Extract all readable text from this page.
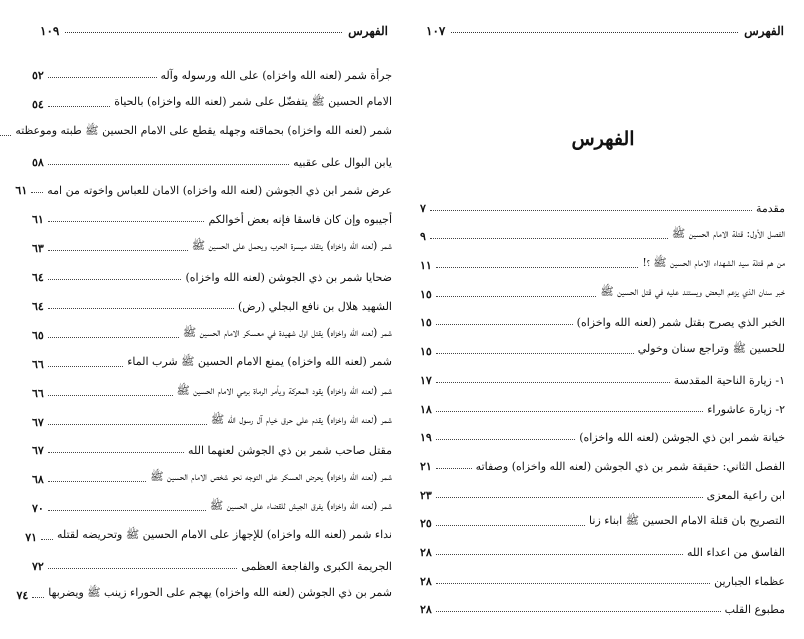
الفهرس
١٠٩
جرأة شمر (لعنه الله واخزاه) على الله ورسوله وآله
٥٢
الامام الحسين ﷺ يتفضّل على شمر (لعنه الله واخزاه) بالحياة
٥٤
شمر (لعنه الله واخزاه) بحماقته وجهله يقطع على الامام الحسين ﷺ طبته وموعظته
يابن البوال على عقبيه
٥٨
عرض شمر ابن ذي الجوشن (لعنه الله واخزاه) الامان للعباس واخوته من امه
٦١
أجيبوه وإن كان فاسقا فإنه بعض أخوالكم
٦١
شمر (لعنه الله واخزاه) يتقلد ميسرة الحرب ويحمل على الحسين ﷺ
٦٣
ضحايا شمر بن ذي الجوشن (لعنه الله واخزاه)
٦٤
الشهيد هلال بن نافع البجلي (رض)
٦٤
شمر (لعنه الله واخزاه) يقتل اول شهيدة في معسكر الامام الحسين ﷺ
٦٥
شمر (لعنه الله واخزاه) يمنع الامام الحسين ﷺ شرب الماء
٦٦
شمر (لعنه الله واخزاه) يقود المعركة ويأمر الرماة برمي الامام الحسين ﷺ
٦٦
شمر (لعنه الله واخزاه) يقدم على حرق خيام آل رسول الله ﷺ
٦٧
مقتل صاحب شمر بن ذي الجوشن لعنهما الله
٦٧
شمر (لعنه الله واخزاه) يحرض العسكر على التوجه نحو شخص الامام الحسين ﷺ
٦٨
شمر (لعنه الله واخزاه) يفرق الجيش للقضاء على الحسين ﷺ
٧٠
نداء شمر (لعنه الله واخزاه) للإجهاز على الامام الحسين ﷺ وتحريضه لقتله
٧١
الجريمة الكبرى والفاجعة العظمى
٧٢
شمر بن ذي الجوشن (لعنه الله واخزاه) يهجم على الحوراء زينب ﷺ ويضربها
٧٤
الفهرس
١٠٧
الفهرس
مقدمة
٧
الفصل الأول: قتلة الامام الحسين ﷺ
٩
من هم قتلة سيد الشهداء الامام الحسين ﷺ ؟!
١١
خبر سنان الذي يزعم البعض ويستند عليه في قتل الحسين ﷺ
١٥
الخبر الذي يصرح بقتل شمر (لعنه الله واخزاه)
١٥
للحسين ﷺ وتراجع سنان وخولي
١٥
١- زيارة الناحية المقدسة
١٧
٢- زيارة عاشوراء
١٨
خيانة شمر ابن ذي الجوشن (لعنه الله واخزاه)
١٩
الفصل الثاني: حقيقة شمر بن ذي الجوشن (لعنه الله واخزاه) وصفاته
٢١
ابن راعية المعزى
٢٣
التصريح بان قتلة الامام الحسين ﷺ ابناء زنا
٢٥
الفاسق من اعداء الله
٢٨
عظماء الجبارين
٢٨
مطبوع القلب
٢٨
